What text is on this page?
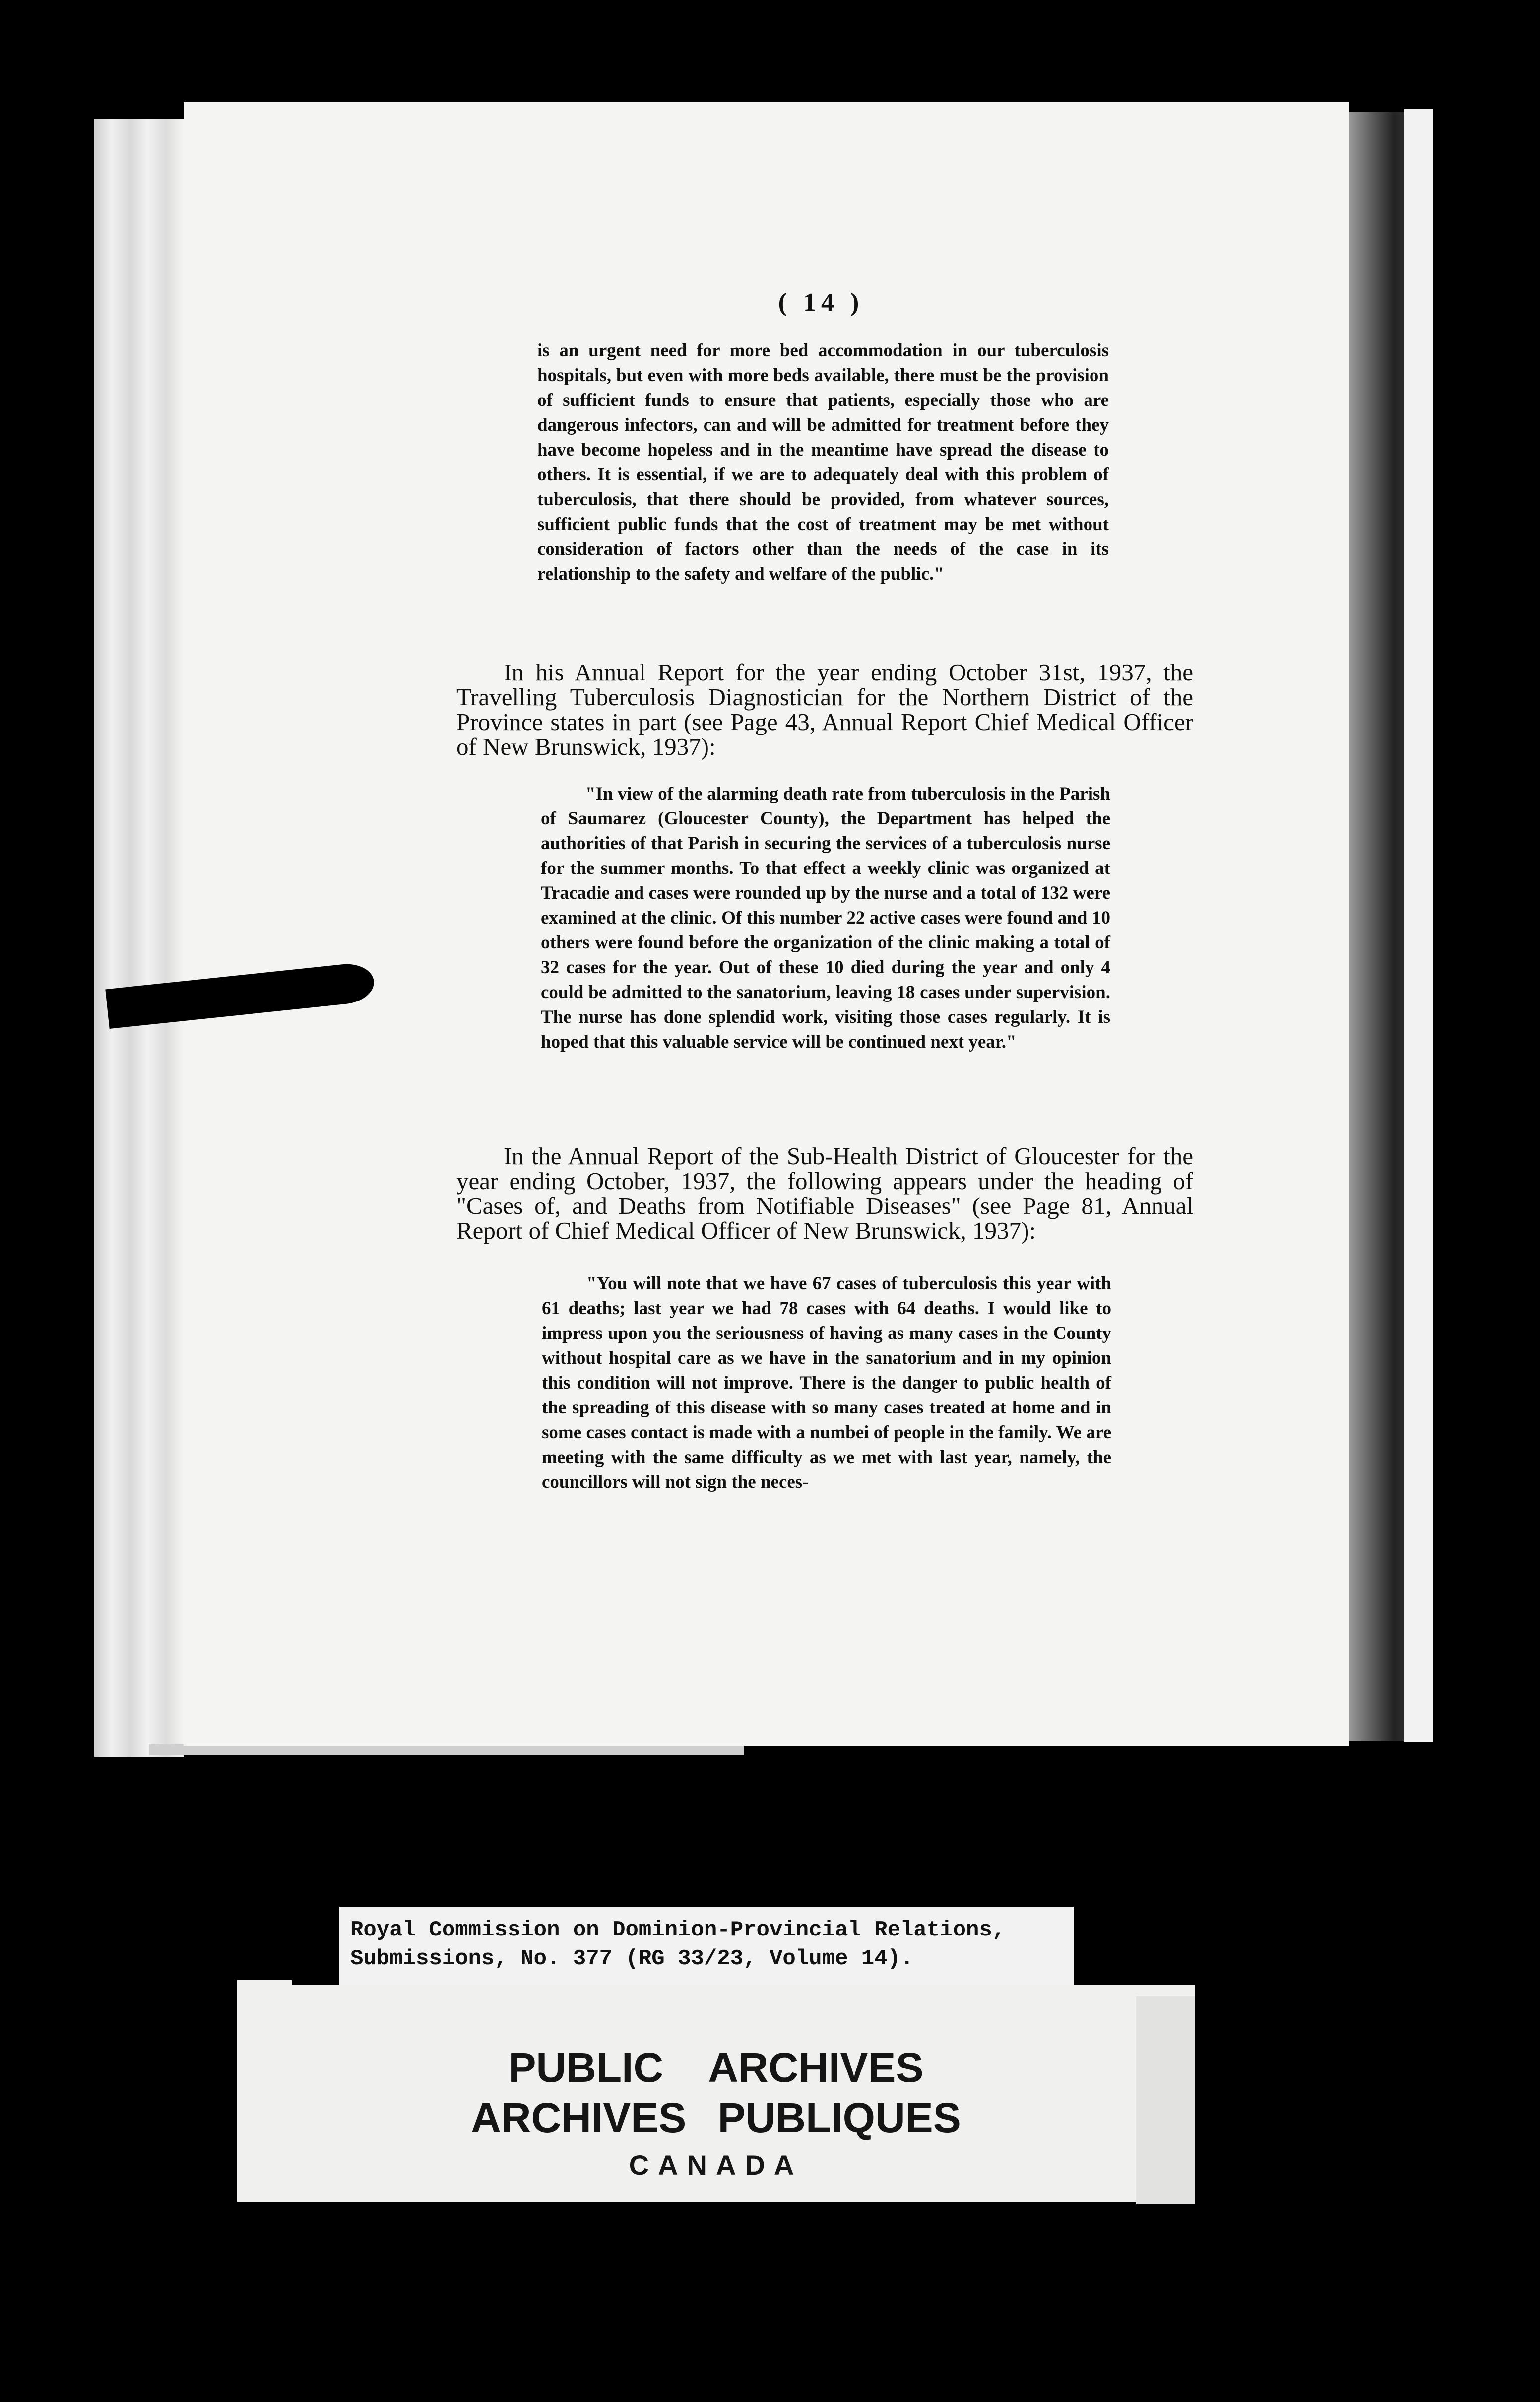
( 14 )
is an urgent need for more bed accommodation in our tuberculosis hospitals, but even with more beds available, there must be the provision of sufficient funds to ensure that patients, especially those who are dangerous infectors, can and will be admitted for treatment before they have become hopeless and in the meantime have spread the disease to others. It is essential, if we are to adequately deal with this problem of tuberculosis, that there should be provided, from whatever sources, sufficient public funds that the cost of treatment may be met without consideration of factors other than the needs of the case in its relationship to the safety and welfare of the public."
In his Annual Report for the year ending October 31st, 1937, the Travelling Tuberculosis Diagnostician for the Northern District of the Province states in part (see Page 43, Annual Report Chief Medical Officer of New Brunswick, 1937):
"In view of the alarming death rate from tuberculosis in the Parish of Saumarez (Gloucester County), the Department has helped the authorities of that Parish in securing the services of a tuberculosis nurse for the summer months. To that effect a weekly clinic was organized at Tracadie and cases were rounded up by the nurse and a total of 132 were examined at the clinic. Of this number 22 active cases were found and 10 others were found before the organization of the clinic making a total of 32 cases for the year. Out of these 10 died during the year and only 4 could be admitted to the sanatorium, leaving 18 cases under supervision. The nurse has done splendid work, visiting those cases regularly. It is hoped that this valuable service will be continued next year."
In the Annual Report of the Sub-Health District of Gloucester for the year ending October, 1937, the following appears under the heading of "Cases of, and Deaths from Notifiable Diseases" (see Page 81, Annual Report of Chief Medical Officer of New Brunswick, 1937):
"You will note that we have 67 cases of tuberculosis this year with 61 deaths; last year we had 78 cases with 64 deaths. I would like to impress upon you the seriousness of having as many cases in the County without hospital care as we have in the sanatorium and in my opinion this condition will not improve. There is the danger to public health of the spreading of this disease with so many cases treated at home and in some cases contact is made with a numbei of people in the family. We are meeting with the same difficulty as we met with last year, namely, the councillors will not sign the neces-
Royal Commission on Dominion-Provincial Relations,
Submissions, No. 377 (RG 33/23, Volume 14).
PUBLIC ARCHIVES
ARCHIVES PUBLIQUES
CANADA
